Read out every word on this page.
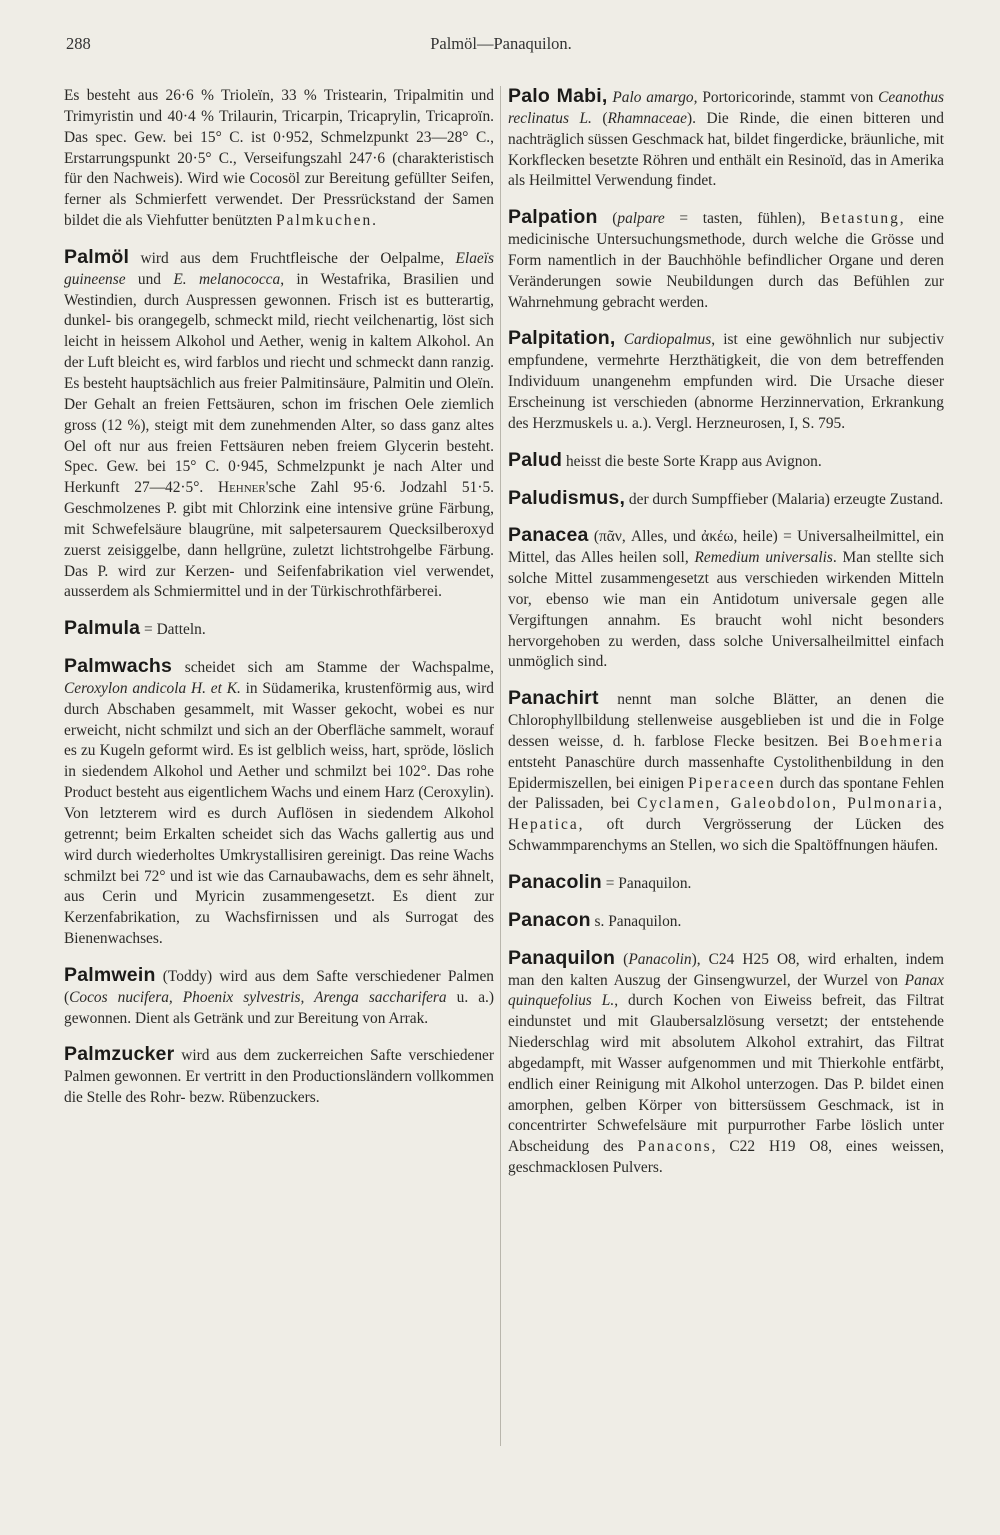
288	Palmöl—Panaquilon.

Es besteht aus 26·6 % Trioleïn, 33 % Tristearin, Tripalmitin und Trimyristin und 40·4 % Trilaurin, Tricarpin, Tricaprylin, Tricaproïn. Das spec. Gew. bei 15° C. ist 0·952, Schmelzpunkt 23—28° C., Erstarrungspunkt 20·5° C., Verseifungszahl 247·6 (charakteristisch für den Nachweis). Wird wie Cocosöl zur Bereitung gefüllter Seifen, ferner als Schmierfett verwendet. Der Pressrückstand der Samen bildet die als Viehfutter benützten Palmkuchen.

Palmöl wird aus dem Fruchtfleische der Oelpalme, Elaeïs guineense und E. melanococca, in Westafrika, Brasilien und Westindien, durch Auspressen gewonnen. Frisch ist es butterartig, dunkel- bis orangegelb, schmeckt mild, riecht veilchenartig, löst sich leicht in heissem Alkohol und Aether, wenig in kaltem Alkohol. An der Luft bleicht es, wird farblos und riecht und schmeckt dann ranzig. Es besteht hauptsächlich aus freier Palmitinsäure, Palmitin und Oleïn. Der Gehalt an freien Fettsäuren, schon im frischen Oele ziemlich gross (12 %), steigt mit dem zunehmenden Alter, so dass ganz altes Oel oft nur aus freien Fettsäuren neben freiem Glycerin besteht. Spec. Gew. bei 15° C. 0·945, Schmelzpunkt je nach Alter und Herkunft 27—42·5°. Hehner'sche Zahl 95·6. Jodzahl 51·5. Geschmolzenes P. gibt mit Chlorzink eine intensive grüne Färbung, mit Schwefelsäure blaugrüne, mit salpetersaurem Quecksilberoxyd zuerst zeisiggelbe, dann hellgrüne, zuletzt lichtstrohgelbe Färbung. Das P. wird zur Kerzen- und Seifenfabrikation viel verwendet, ausserdem als Schmiermittel und in der Türkischrothfärberei.

Palmula = Datteln.

Palmwachs scheidet sich am Stamme der Wachspalme, Ceroxylon andicola H. et K. in Südamerika, krustenförmig aus, wird durch Abschaben gesammelt, mit Wasser gekocht, wobei es nur erweicht, nicht schmilzt und sich an der Oberfläche sammelt, worauf es zu Kugeln geformt wird. Es ist gelblich weiss, hart, spröde, löslich in siedendem Alkohol und Aether und schmilzt bei 102°. Das rohe Product besteht aus eigentlichem Wachs und einem Harz (Ceroxylin). Von letzterem wird es durch Auflösen in siedendem Alkohol getrennt; beim Erkalten scheidet sich das Wachs gallertig aus und wird durch wiederholtes Umkrystallisiren gereinigt. Das reine Wachs schmilzt bei 72° und ist wie das Carnaubawachs, dem es sehr ähnelt, aus Cerin und Myricin zusammengesetzt. Es dient zur Kerzenfabrikation, zu Wachsfirnissen und als Surrogat des Bienenwachses.

Palmwein (Toddy) wird aus dem Safte verschiedener Palmen (Cocos nucifera, Phoenix sylvestris, Arenga saccharifera u. a.) gewonnen. Dient als Getränk und zur Bereitung von Arrak.

Palmzucker wird aus dem zuckerreichen Safte verschiedener Palmen gewonnen. Er vertritt in den Productionsländern vollkommen die Stelle des Rohr- bezw. Rübenzuckers.

Palo Mabi, Palo amargo, Portoricorinde, stammt von Ceanothus reclinatus L. (Rhamnaceae). Die Rinde, die einen bitteren und nachträglich süssen Geschmack hat, bildet fingerdicke, bräunliche, mit Korkflecken besetzte Röhren und enthält ein Resinoïd, das in Amerika als Heilmittel Verwendung findet.

Palpation (palpare = tasten, fühlen), Betastung, eine medicinische Untersuchungsmethode, durch welche die Grösse und Form namentlich in der Bauchhöhle befindlicher Organe und deren Veränderungen sowie Neubildungen durch das Befühlen zur Wahrnehmung gebracht werden.

Palpitation, Cardiopalmus, ist eine gewöhnlich nur subjectiv empfundene, vermehrte Herzthätigkeit, die von dem betreffenden Individuum unangenehm empfunden wird. Die Ursache dieser Erscheinung ist verschieden (abnorme Herzinnervation, Erkrankung des Herzmuskels u. a.). Vergl. Herzneurosen, I, S. 795.

Palud heisst die beste Sorte Krapp aus Avignon.

Paludismus, der durch Sumpffieber (Malaria) erzeugte Zustand.

Panacea (πᾶν, Alles, und ἀκέω, heile) = Universalheilmittel, ein Mittel, das Alles heilen soll, Remedium universalis. Man stellte sich solche Mittel zusammengesetzt aus verschieden wirkenden Mitteln vor, ebenso wie man ein Antidotum universale gegen alle Vergiftungen annahm. Es braucht wohl nicht besonders hervorgehoben zu werden, dass solche Universalheilmittel einfach unmöglich sind.

Panachirt nennt man solche Blätter, an denen die Chlorophyllbildung stellenweise ausgeblieben ist und die in Folge dessen weisse, d. h. farblose Flecke besitzen. Bei Boehmeria entsteht Panaschüre durch massenhafte Cystolithenbildung in den Epidermiszellen, bei einigen Piperaceen durch das spontane Fehlen der Palissaden, bei Cyclamen, Galeobdolon, Pulmonaria, Hepatica, oft durch Vergrösserung der Lücken des Schwammparenchyms an Stellen, wo sich die Spaltöffnungen häufen.

Panacolin = Panaquilon.

Panacon s. Panaquilon.

Panaquilon (Panacolin), C24 H25 O8, wird erhalten, indem man den kalten Auszug der Ginsengwurzel, der Wurzel von Panax quinquefolius L., durch Kochen von Eiweiss befreit, das Filtrat eindunstet und mit Glaubersalzlösung versetzt; der entstehende Niederschlag wird mit absolutem Alkohol extrahirt, das Filtrat abgedampft, mit Wasser aufgenommen und mit Thierkohle entfärbt, endlich einer Reinigung mit Alkohol unterzogen. Das P. bildet einen amorphen, gelben Körper von bittersüssem Geschmack, ist in concentrirter Schwefelsäure mit purpurrother Farbe löslich unter Abscheidung des Panacons, C22 H19 O8, eines weissen, geschmacklosen Pulvers.
